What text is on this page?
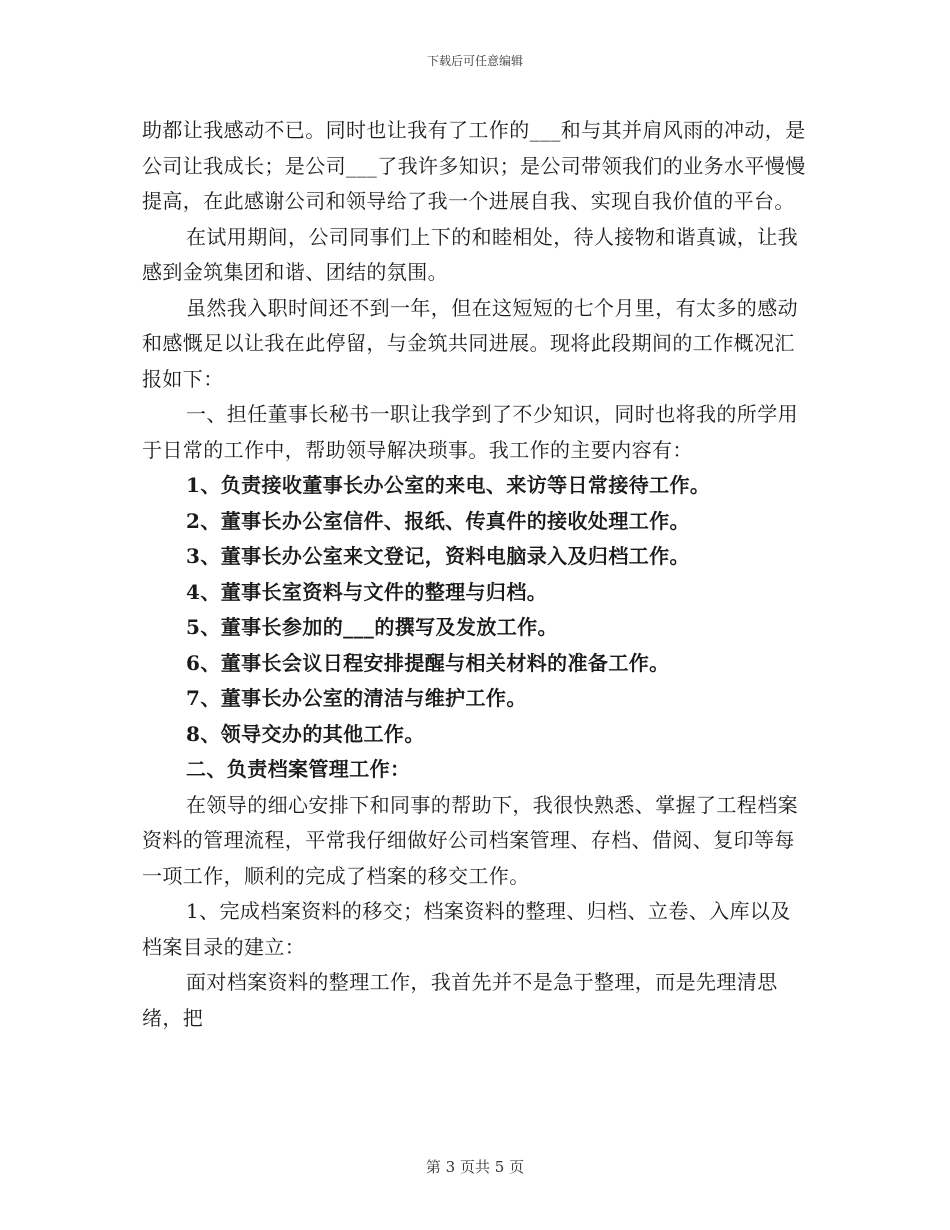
下载后可任意编辑

助都让我感动不已。同时也让我有了工作的___和与其并肩风雨的冲动，是公司让我成长；是公司___了我许多知识；是公司带领我们的业务水平慢慢提高，在此感谢公司和领导给了我一个进展自我、实现自我价值的平台。

在试用期间，公司同事们上下的和睦相处，待人接物和谐真诚，让我感到金筑集团和谐、团结的氛围。

虽然我入职时间还不到一年，但在这短短的七个月里，有太多的感动和感慨足以让我在此停留，与金筑共同进展。现将此段期间的工作概况汇报如下：

一、担任董事长秘书一职让我学到了不少知识，同时也将我的所学用于日常的工作中，帮助领导解决琐事。我工作的主要内容有：

1、负责接收董事长办公室的来电、来访等日常接待工作。

2、董事长办公室信件、报纸、传真件的接收处理工作。

3、董事长办公室来文登记，资料电脑录入及归档工作。

4、董事长室资料与文件的整理与归档。

5、董事长参加的___的撰写及发放工作。

6、董事长会议日程安排提醒与相关材料的准备工作。

7、董事长办公室的清洁与维护工作。

8、领导交办的其他工作。

二、负责档案管理工作：

在领导的细心安排下和同事的帮助下，我很快熟悉、掌握了工程档案资料的管理流程，平常我仔细做好公司档案管理、存档、借阅、复印等每一项工作，顺利的完成了档案的移交工作。

1、完成档案资料的移交；档案资料的整理、归档、立卷、入库以及档案目录的建立：

面对档案资料的整理工作，我首先并不是急于整理，而是先理清思绪，把

第 3 页共 5 页
